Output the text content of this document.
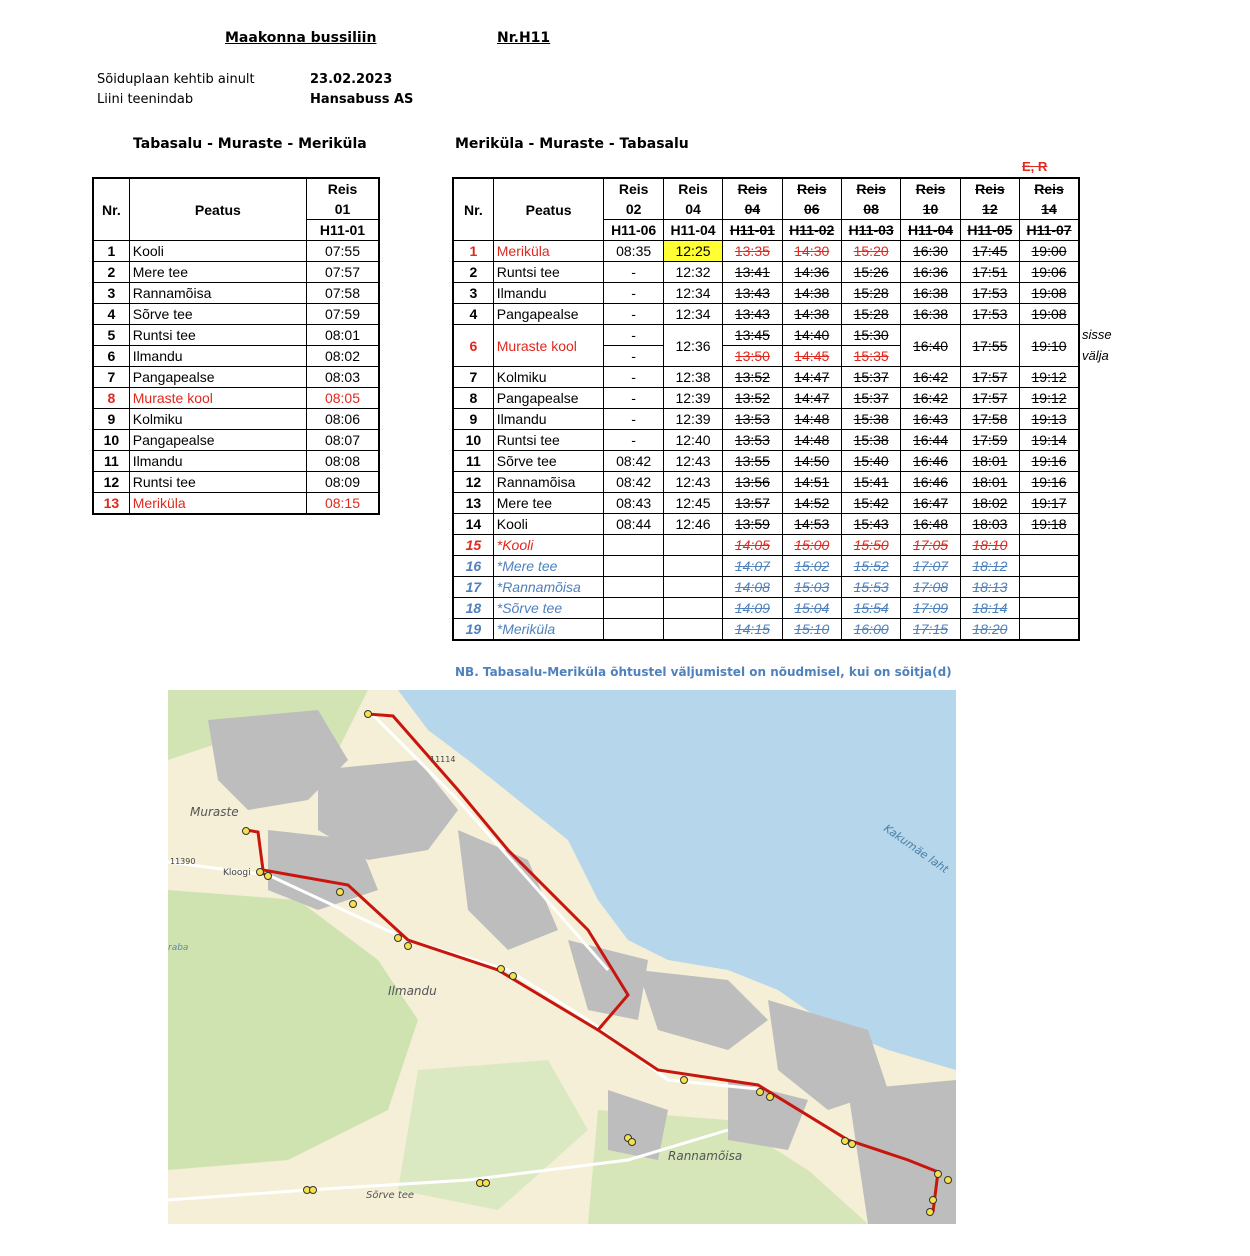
Maakonna bussiliin	Nr.H11
Sõiduplaan kehtib ainult	23.02.2023
Liini teenindab	Hansabuss AS
Tabasalu - Muraste - Meriküla	Meriküla - Muraste - Tabasalu
E, R
Nr.	Peatus	Reis
		01
		H11-01
1	Kooli	07:55
2	Mere tee	07:57
3	Rannamõisa	07:58
4	Sõrve tee	07:59
5	Runtsi tee	08:01
6	Ilmandu	08:02
7	Pangapealse	08:03
8	Muraste kool	08:05
9	Kolmiku	08:06
10	Pangapealse	08:07
11	Ilmandu	08:08
12	Runtsi tee	08:09
13	Meriküla	08:15
Nr.	Peatus	Reis	Reis	Reis	Reis	Reis	Reis	Reis	Reis
		02	04	04	06	08	10	12	14
		H11-06	H11-04	H11-01	H11-02	H11-03	H11-04	H11-05	H11-07
1	Meriküla	08:35	12:25	13:35	14:30	15:20	16:30	17:45	19:00
2	Runtsi tee	-	12:32	13:41	14:36	15:26	16:36	17:51	19:06
3	Ilmandu	-	12:34	13:43	14:38	15:28	16:38	17:53	19:08
4	Pangapealse	-	12:34	13:43	14:38	15:28	16:38	17:53	19:08
6	Muraste kool	-	12:36	13:45	14:40	15:30	16:40	17:55	19:10
		-		13:50	14:45	15:35			
7	Kolmiku	-	12:38	13:52	14:47	15:37	16:42	17:57	19:12
8	Pangapealse	-	12:39	13:52	14:47	15:37	16:42	17:57	19:12
9	Ilmandu	-	12:39	13:53	14:48	15:38	16:43	17:58	19:13
10	Runtsi tee	-	12:40	13:53	14:48	15:38	16:44	17:59	19:14
11	Sõrve tee	08:42	12:43	13:55	14:50	15:40	16:46	18:01	19:16
12	Rannamõisa	08:42	12:43	13:56	14:51	15:41	16:46	18:01	19:16
13	Mere tee	08:43	12:45	13:57	14:52	15:42	16:47	18:02	19:17
14	Kooli	08:44	12:46	13:59	14:53	15:43	16:48	18:03	19:18
15	*Kooli			14:05	15:00	15:50	17:05	18:10	
16	*Mere tee			14:07	15:02	15:52	17:07	18:12	
17	*Rannamõisa			14:08	15:03	15:53	17:08	18:13	
18	*Sõrve tee			14:09	15:04	15:54	17:09	18:14	
19	*Meriküla			14:15	15:10	16:00	17:15	18:20	
sisse
välja
NB. Tabasalu-Meriküla õhtustel väljumistel on nõudmisel, kui on sõitja(d)
Muraste
Ilmandu
Rannamõisa
Sõrve tee
Kakumäe laht
Kloogi
11390
11114
raba
